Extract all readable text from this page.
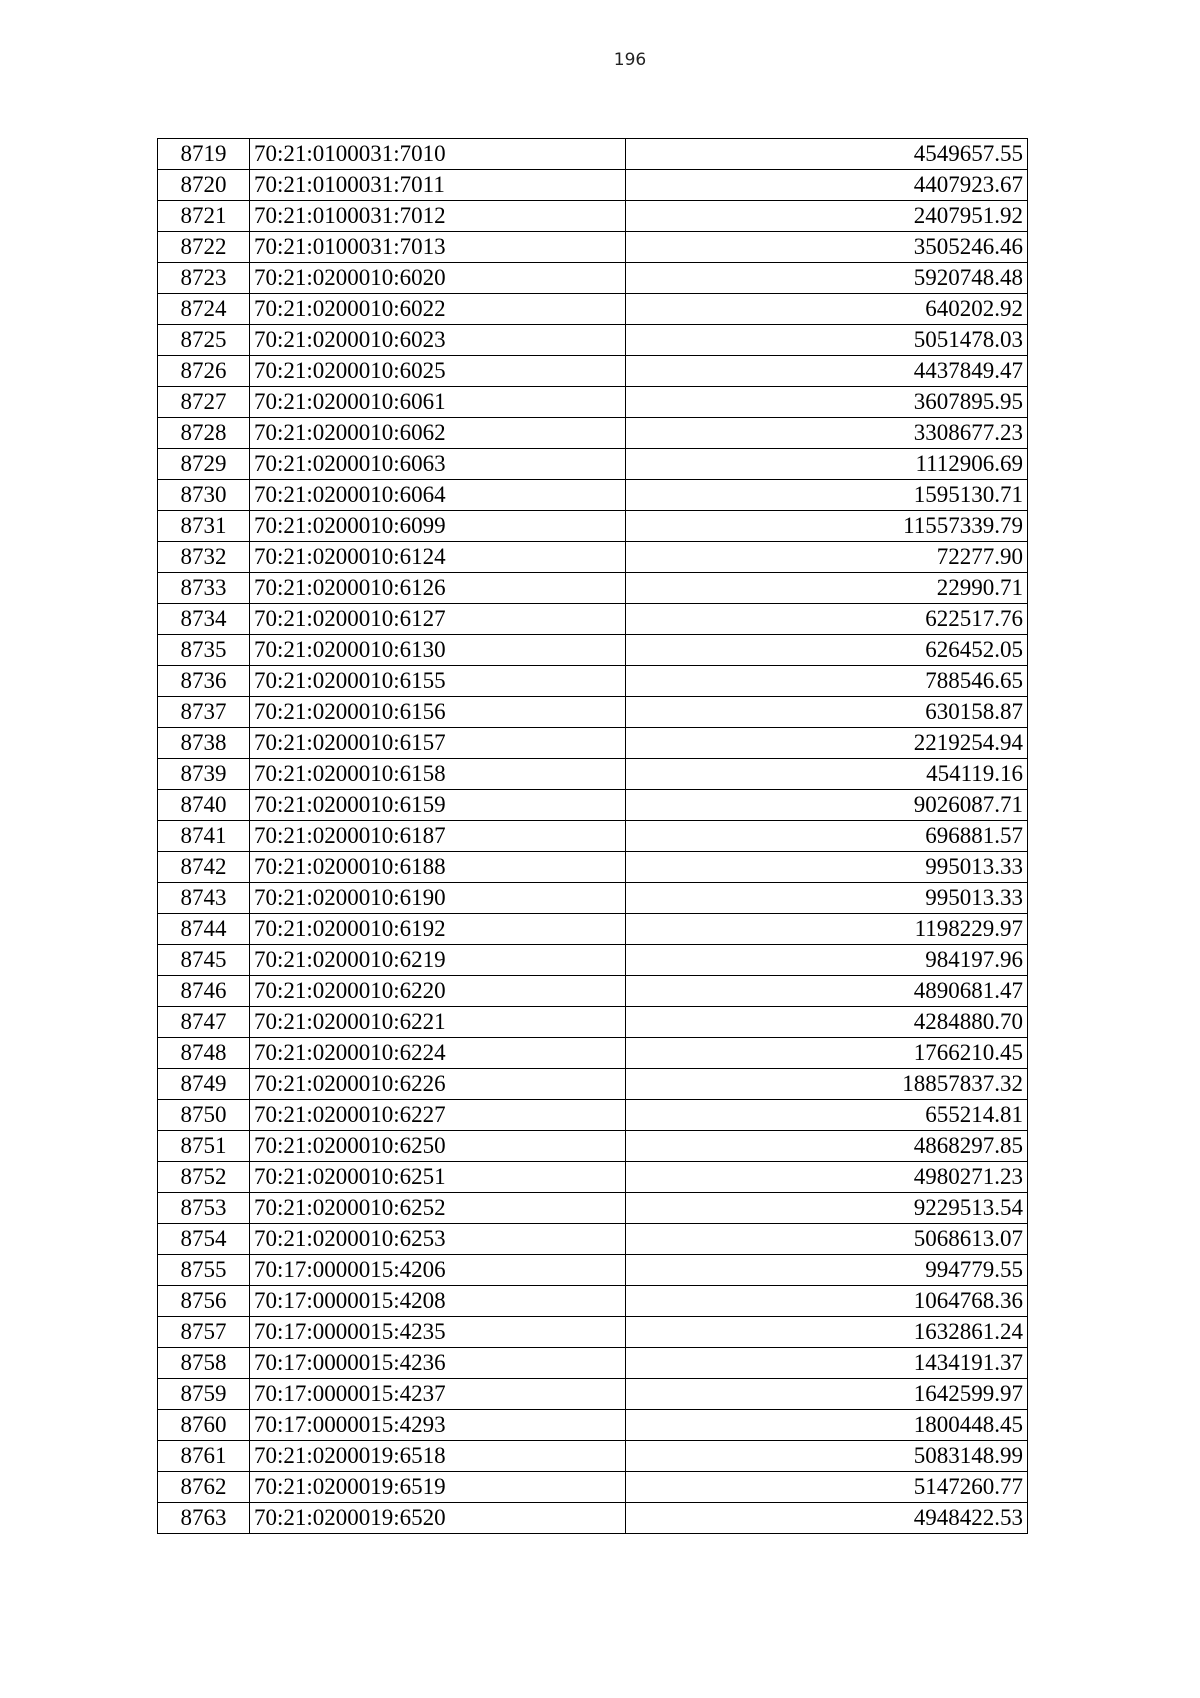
196
8719	70:21:0100031:7010	4549657.55
8720	70:21:0100031:7011	4407923.67
8721	70:21:0100031:7012	2407951.92
8722	70:21:0100031:7013	3505246.46
8723	70:21:0200010:6020	5920748.48
8724	70:21:0200010:6022	640202.92
8725	70:21:0200010:6023	5051478.03
8726	70:21:0200010:6025	4437849.47
8727	70:21:0200010:6061	3607895.95
8728	70:21:0200010:6062	3308677.23
8729	70:21:0200010:6063	1112906.69
8730	70:21:0200010:6064	1595130.71
8731	70:21:0200010:6099	11557339.79
8732	70:21:0200010:6124	72277.90
8733	70:21:0200010:6126	22990.71
8734	70:21:0200010:6127	622517.76
8735	70:21:0200010:6130	626452.05
8736	70:21:0200010:6155	788546.65
8737	70:21:0200010:6156	630158.87
8738	70:21:0200010:6157	2219254.94
8739	70:21:0200010:6158	454119.16
8740	70:21:0200010:6159	9026087.71
8741	70:21:0200010:6187	696881.57
8742	70:21:0200010:6188	995013.33
8743	70:21:0200010:6190	995013.33
8744	70:21:0200010:6192	1198229.97
8745	70:21:0200010:6219	984197.96
8746	70:21:0200010:6220	4890681.47
8747	70:21:0200010:6221	4284880.70
8748	70:21:0200010:6224	1766210.45
8749	70:21:0200010:6226	18857837.32
8750	70:21:0200010:6227	655214.81
8751	70:21:0200010:6250	4868297.85
8752	70:21:0200010:6251	4980271.23
8753	70:21:0200010:6252	9229513.54
8754	70:21:0200010:6253	5068613.07
8755	70:17:0000015:4206	994779.55
8756	70:17:0000015:4208	1064768.36
8757	70:17:0000015:4235	1632861.24
8758	70:17:0000015:4236	1434191.37
8759	70:17:0000015:4237	1642599.97
8760	70:17:0000015:4293	1800448.45
8761	70:21:0200019:6518	5083148.99
8762	70:21:0200019:6519	5147260.77
8763	70:21:0200019:6520	4948422.53
